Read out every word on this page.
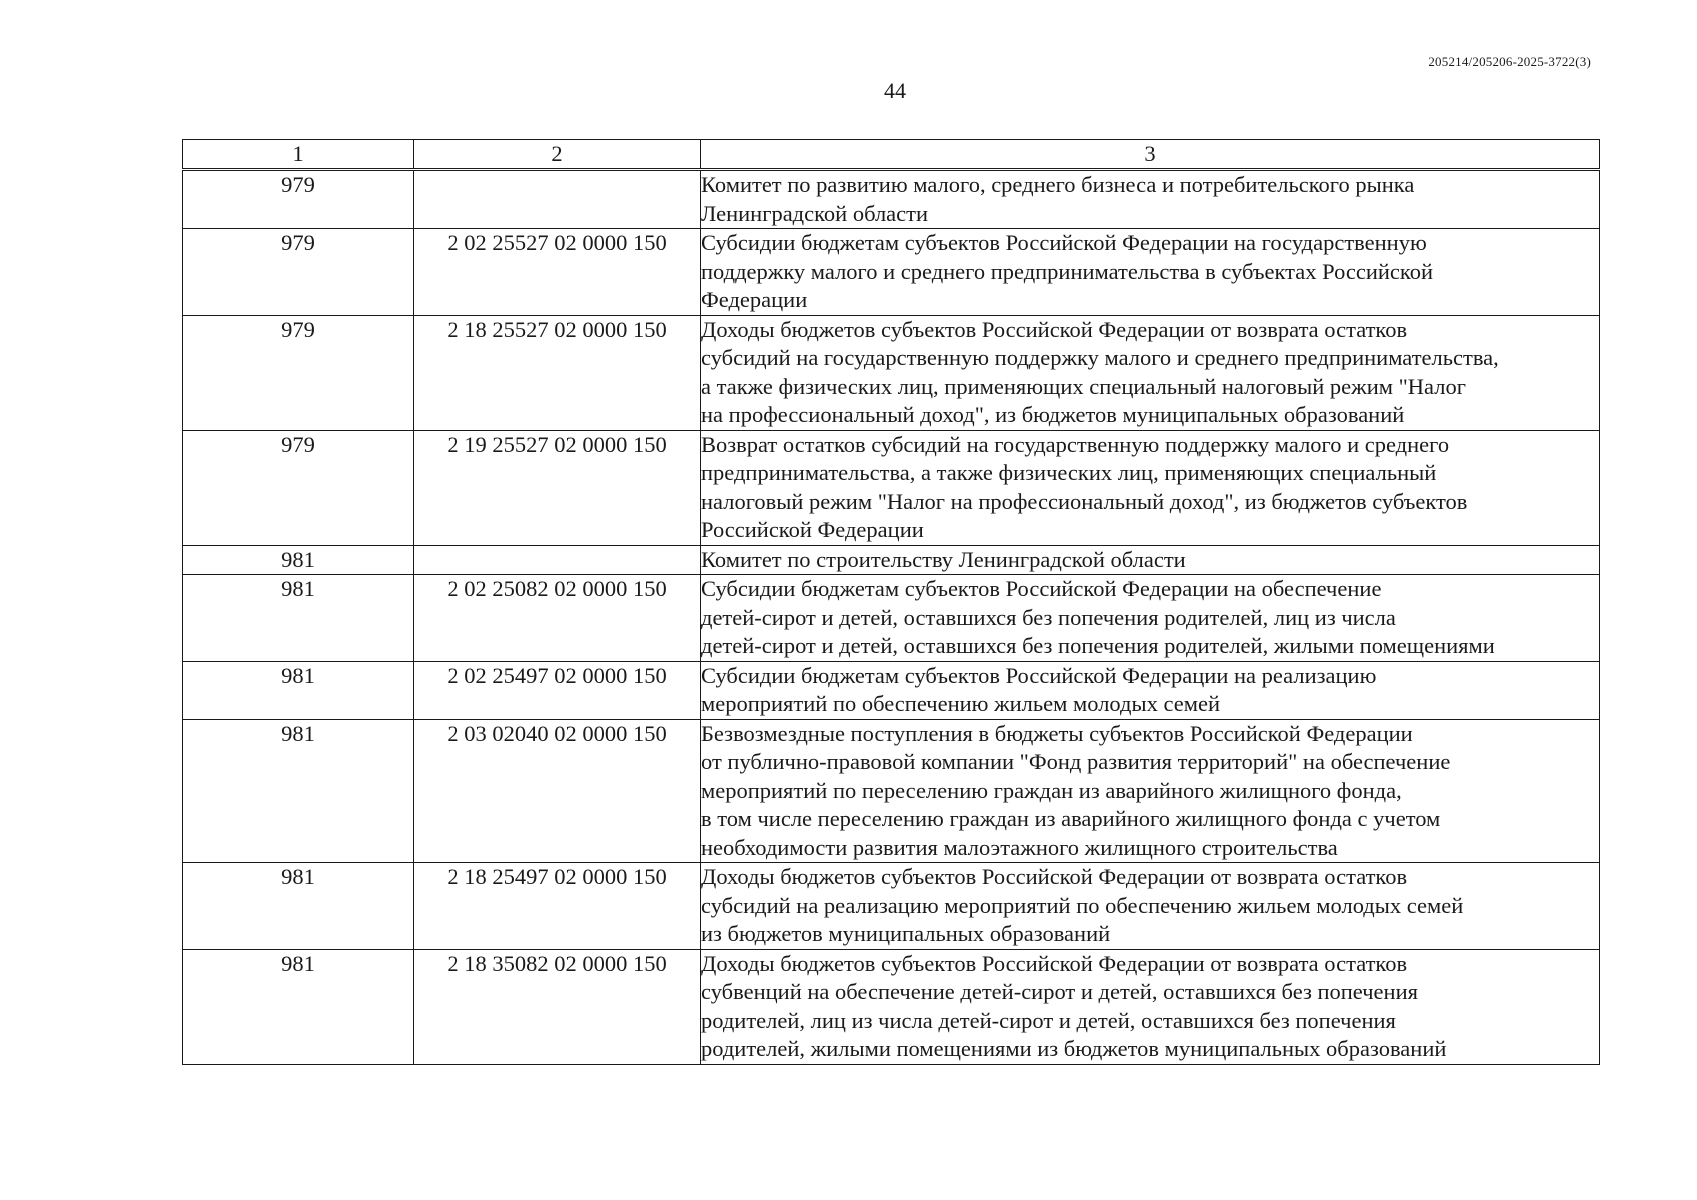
205214/205206-2025-3722(3)
44
1	2	3
979		Комитет по развитию малого, среднего бизнеса и потребительского рынка
Ленинградской области

979	2 02 25527 02 0000 150	Субсидии бюджетам субъектов Российской Федерации на государственную
поддержку малого и среднего предпринимательства в субъектах Российской
Федерации

979	2 18 25527 02 0000 150	Доходы бюджетов субъектов Российской Федерации от возврата остатков
субсидий на государственную поддержку малого и среднего предпринимательства,
а также физических лиц, применяющих специальный налоговый режим "Налог
на профессиональный доход", из бюджетов муниципальных образований

979	2 19 25527 02 0000 150	Возврат остатков субсидий на государственную поддержку малого и среднего
предпринимательства, а также физических лиц, применяющих специальный
налоговый режим "Налог на профессиональный доход", из бюджетов субъектов
Российской Федерации

981		Комитет по строительству Ленинградской области

981	2 02 25082 02 0000 150	Субсидии бюджетам субъектов Российской Федерации на обеспечение
детей-сирот и детей, оставшихся без попечения родителей, лиц из числа
детей-сирот и детей, оставшихся без попечения родителей, жилыми помещениями

981	2 02 25497 02 0000 150	Субсидии бюджетам субъектов Российской Федерации на реализацию
мероприятий по обеспечению жильем молодых семей

981	2 03 02040 02 0000 150	Безвозмездные поступления в бюджеты субъектов Российской Федерации
от публично-правовой компании "Фонд развития территорий" на обеспечение
мероприятий по переселению граждан из аварийного жилищного фонда,
в том числе переселению граждан из аварийного жилищного фонда с учетом
необходимости развития малоэтажного жилищного строительства

981	2 18 25497 02 0000 150	Доходы бюджетов субъектов Российской Федерации от возврата остатков
субсидий на реализацию мероприятий по обеспечению жильем молодых семей
из бюджетов муниципальных образований

981	2 18 35082 02 0000 150	Доходы бюджетов субъектов Российской Федерации от возврата остатков
субвенций на обеспечение детей-сирот и детей, оставшихся без попечения
родителей, лиц из числа детей-сирот и детей, оставшихся без попечения
родителей, жилыми помещениями из бюджетов муниципальных образований
